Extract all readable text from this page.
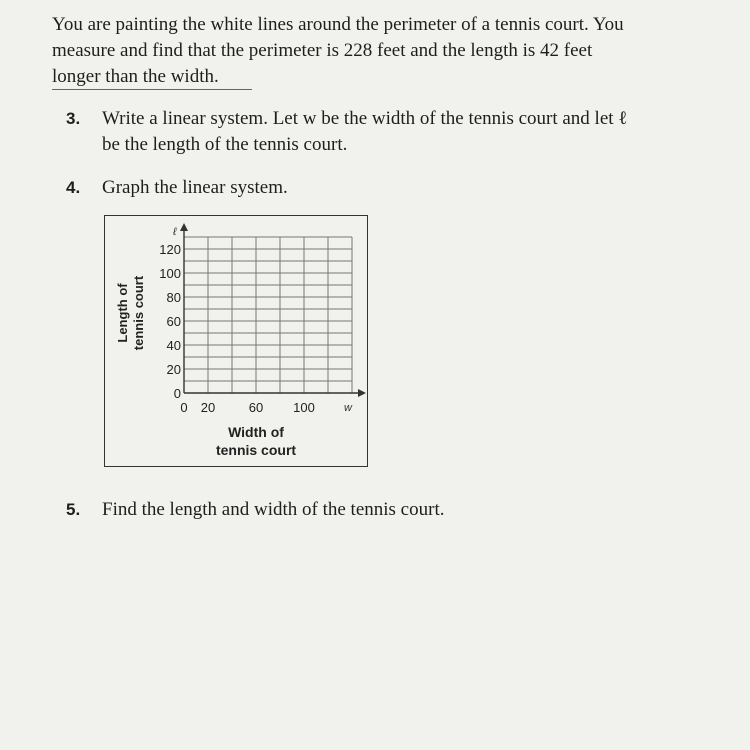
You are painting the white lines around the perimeter of a tennis court. You
measure and find that the perimeter is 228 feet and the length is 42 feet
longer than the width.
3. Write a linear system. Let w be the width of the tennis court and let ℓ
be the length of the tennis court.
4. Graph the linear system.
0
20
40
60
80
100
120
0 20	60 100	w
ℓ
Width of
tennis court
Length of tennis court
5. Find the length and width of the tennis court.
